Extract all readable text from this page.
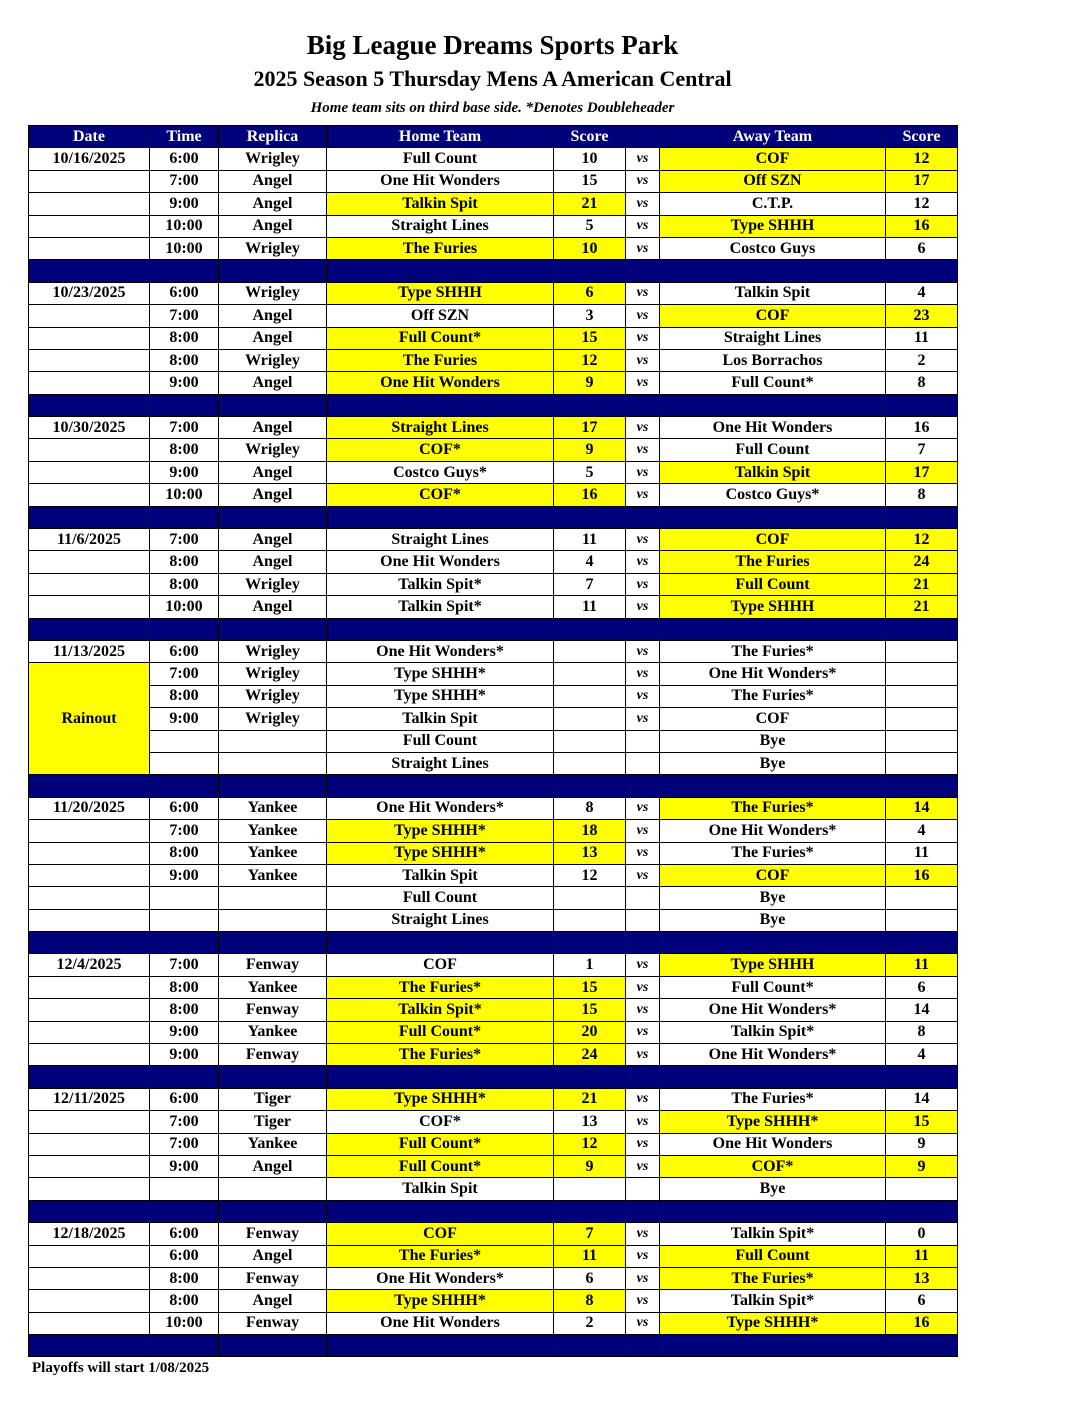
Big League Dreams Sports Park
2025 Season 5 Thursday Mens A American Central
Home team sits on third base side. *Denotes Doubleheader
Date	Time	Replica	Home Team	Score		Away Team	Score
10/16/2025	6:00	Wrigley	Full Count	10	vs	COF	12
	7:00	Angel	One Hit Wonders	15	vs	Off SZN	17
	9:00	Angel	Talkin Spit	21	vs	C.T.P.	12
	10:00	Angel	Straight Lines	5	vs	Type SHHH	16
	10:00	Wrigley	The Furies	10	vs	Costco Guys	6

10/23/2025	6:00	Wrigley	Type SHHH	6	vs	Talkin Spit	4
	7:00	Angel	Off SZN	3	vs	COF	23
	8:00	Angel	Full Count*	15	vs	Straight Lines	11
	8:00	Wrigley	The Furies	12	vs	Los Borrachos	2
	9:00	Angel	One Hit Wonders	9	vs	Full Count*	8

10/30/2025	7:00	Angel	Straight Lines	17	vs	One Hit Wonders	16
	8:00	Wrigley	COF*	9	vs	Full Count	7
	9:00	Angel	Costco Guys*	5	vs	Talkin Spit	17
	10:00	Angel	COF*	16	vs	Costco Guys*	8

11/6/2025	7:00	Angel	Straight Lines	11	vs	COF	12
	8:00	Angel	One Hit Wonders	4	vs	The Furies	24
	8:00	Wrigley	Talkin Spit*	7	vs	Full Count	21
	10:00	Angel	Talkin Spit*	11	vs	Type SHHH	21

11/13/2025	6:00	Wrigley	One Hit Wonders*		vs	The Furies*	
Rainout	7:00	Wrigley	Type SHHH*		vs	One Hit Wonders*	
	8:00	Wrigley	Type SHHH*		vs	The Furies*	
	9:00	Wrigley	Talkin Spit		vs	COF	
			Full Count			Bye	
			Straight Lines			Bye	

11/20/2025	6:00	Yankee	One Hit Wonders*	8	vs	The Furies*	14
	7:00	Yankee	Type SHHH*	18	vs	One Hit Wonders*	4
	8:00	Yankee	Type SHHH*	13	vs	The Furies*	11
	9:00	Yankee	Talkin Spit	12	vs	COF	16
			Full Count			Bye	
			Straight Lines			Bye	

12/4/2025	7:00	Fenway	COF	1	vs	Type SHHH	11
	8:00	Yankee	The Furies*	15	vs	Full Count*	6
	8:00	Fenway	Talkin Spit*	15	vs	One Hit Wonders*	14
	9:00	Yankee	Full Count*	20	vs	Talkin Spit*	8
	9:00	Fenway	The Furies*	24	vs	One Hit Wonders*	4

12/11/2025	6:00	Tiger	Type SHHH*	21	vs	The Furies*	14
	7:00	Tiger	COF*	13	vs	Type SHHH*	15
	7:00	Yankee	Full Count*	12	vs	One Hit Wonders	9
	9:00	Angel	Full Count*	9	vs	COF*	9
			Talkin Spit			Bye	

12/18/2025	6:00	Fenway	COF	7	vs	Talkin Spit*	0
	6:00	Angel	The Furies*	11	vs	Full Count	11
	8:00	Fenway	One Hit Wonders*	6	vs	The Furies*	13
	8:00	Angel	Type SHHH*	8	vs	Talkin Spit*	6
	10:00	Fenway	One Hit Wonders	2	vs	Type SHHH*	16

Playoffs will start 1/08/2025
